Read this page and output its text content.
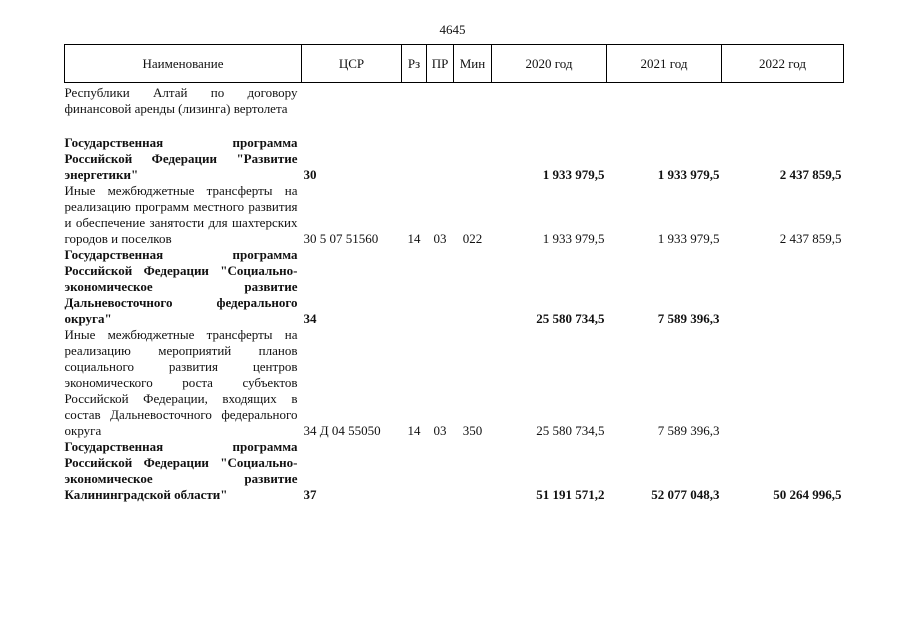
4645
Наименование	ЦСР	Рз	ПР	Мин	2020 год	2021 год	2022 год
Республики Алтай по договору финансовой аренды (лизинга) вертолета							
Государственная программа Российской Федерации "Развитие энергетики"	30				1 933 979,5	1 933 979,5	2 437 859,5
Иные межбюджетные трансферты на реализацию программ местного развития и обеспечение занятости для шахтерских городов и поселков	30 5 07 51560	14	03	022	1 933 979,5	1 933 979,5	2 437 859,5
Государственная программа Российской Федерации "Социально-экономическое развитие Дальневосточного федерального округа"	34				25 580 734,5	7 589 396,3	
Иные межбюджетные трансферты на реализацию мероприятий планов социального развития центров экономического роста субъектов Российской Федерации, входящих в состав Дальневосточного федерального округа	34 Д 04 55050	14	03	350	25 580 734,5	7 589 396,3	
Государственная программа Российской Федерации "Социально-экономическое развитие Калининградской области"	37				51 191 571,2	52 077 048,3	50 264 996,5
